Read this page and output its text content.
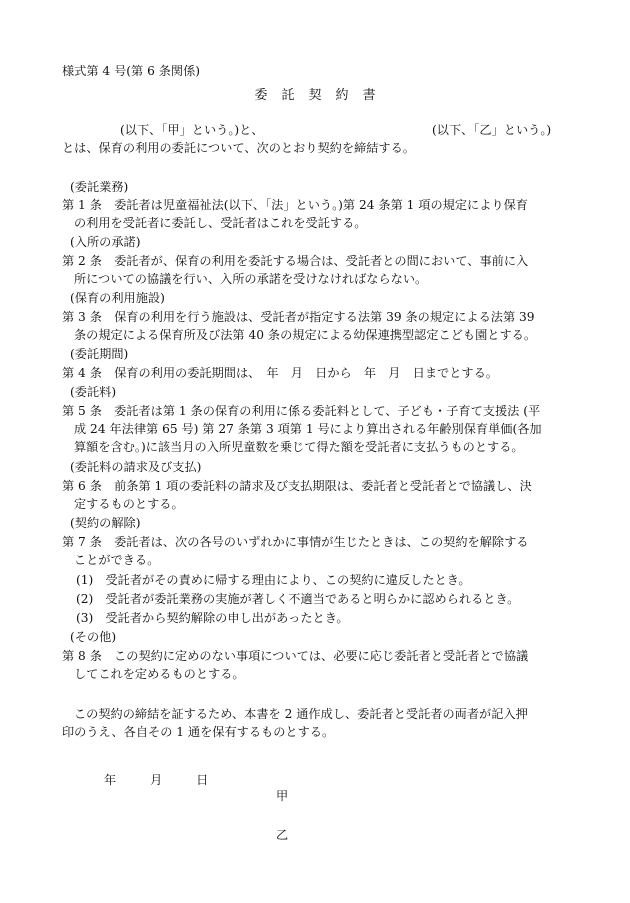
様式第 4 号(第 6 条関係)
委託契約書
(以下、「甲」という。)と、	(以下、「乙」という。)
とは、保育の利用の委託について、次のとおり契約を締結する。
(委託業務)
第 1 条　委託者は児童福祉法(以下、「法」という。)第 24 条第 1 項の規定により保育
の利用を受託者に委託し、受託者はこれを受託する。
(入所の承諾)
第 2 条　委託者が、保育の利用を委託する場合は、受託者との間において、事前に入
所についての協議を行い、入所の承諾を受けなければならない。
(保育の利用施設)
第 3 条　保育の利用を行う施設は、受託者が指定する法第 39 条の規定による法第 39
条の規定による保育所及び法第 40 条の規定による幼保連携型認定こども園とする。
(委託期間)
第 4 条　保育の利用の委託期間は、　年　月　日から　年　月　日までとする。
(委託料)
第 5 条　委託者は第 1 条の保育の利用に係る委託料として、子ども・子育て支援法 (平
成 24 年法律第 65 号) 第 27 条第 3 項第 1 号により算出される年齢別保育単価(各加
算額を含む。)に該当月の入所児童数を乗じて得た額を受託者に支払うものとする。
(委託料の請求及び支払)
第 6 条　前条第 1 項の委託料の請求及び支払期限は、委託者と受託者とで協議し、決
定するものとする。
(契約の解除)
第 7 条　委託者は、次の各号のいずれかに事情が生じたときは、この契約を解除する
ことができる。
(1)　受託者がその責めに帰する理由により、この契約に違反したとき。
(2)　受託者が委託業務の実施が著しく不適当であると明らかに認められるとき。
(3)　受託者から契約解除の申し出があったとき。
(その他)
第 8 条　この契約に定めのない事項については、必要に応じ委託者と受託者とで協議
してこれを定めるものとする。
この契約の締結を証するため、本書を 2 通作成し、委託者と受託者の両者が記入押
印のうえ、各自その 1 通を保有するものとする。
年	月	日
甲
乙
